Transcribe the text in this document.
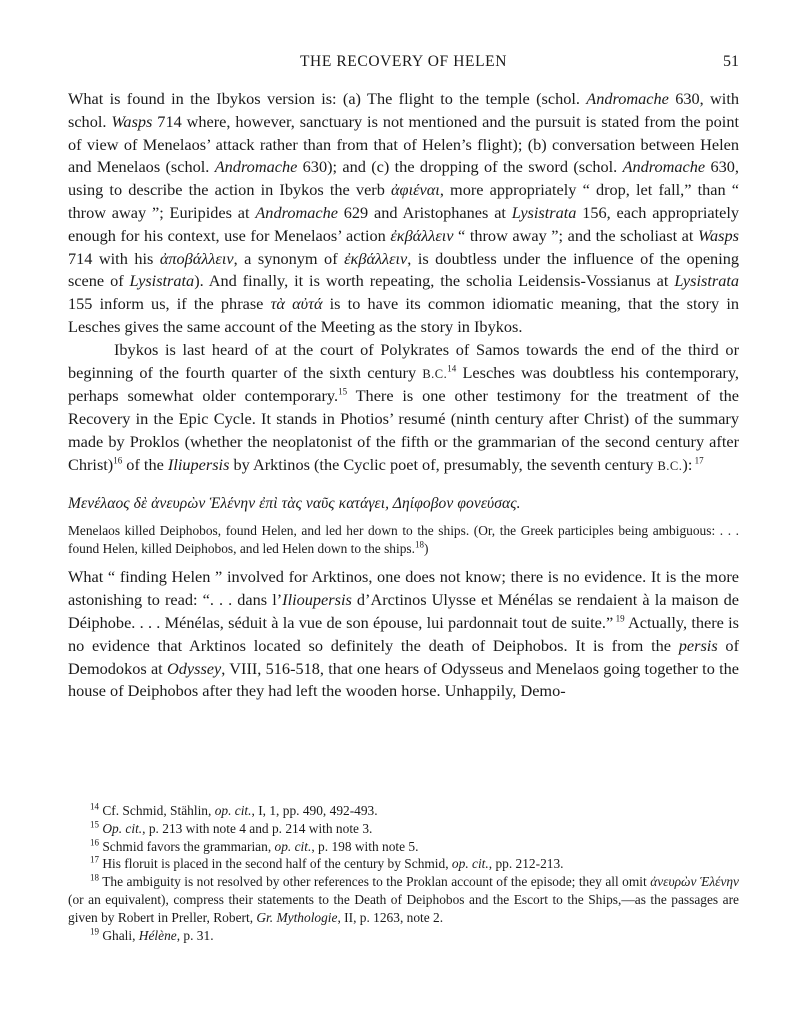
THE RECOVERY OF HELEN	51

What is found in the Ibykos version is: (a) The flight to the temple (schol. Andromache 630, with schol. Wasps 714 where, however, sanctuary is not mentioned and the pursuit is stated from the point of view of Menelaos’ attack rather than from that of Helen’s flight); (b) conversation between Helen and Menelaos (schol. Andromache 630); and (c) the dropping of the sword (schol. Andromache 630, using to describe the action in Ibykos the verb ἀφιέναι, more appropriately “ drop, let fall,” than “ throw away ”; Euripides at Andromache 629 and Aristophanes at Lysistrata 156, each appropriately enough for his context, use for Menelaos’ action ἐκβάλλειν “ throw away ”; and the scholiast at Wasps 714 with his ἀποβάλλειν, a synonym of ἐκβάλλειν, is doubtless under the influence of the opening scene of Lysistrata). And finally, it is worth repeating, the scholia Leidensis-Vossianus at Lysistrata 155 inform us, if the phrase τὰ αὐτά is to have its common idiomatic meaning, that the story in Lesches gives the same account of the Meeting as the story in Ibykos.

Ibykos is last heard of at the court of Polykrates of Samos towards the end of the third or beginning of the fourth quarter of the sixth century B.C.$^{14}$ Lesches was doubtless his contemporary, perhaps somewhat older contemporary.$^{15}$ There is one other testimony for the treatment of the Recovery in the Epic Cycle. It stands in Photios’ resumé (ninth century after Christ) of the summary made by Proklos (whether the neoplatonist of the fifth or the grammarian of the second century after Christ)$^{16}$ of the Iliupersis by Arktinos (the Cyclic poet of, presumably, the seventh century B.C.): $^{17}$

Μενέλαος δὲ ἀνευρὼν Ἑλένην ἐπὶ τὰς ναῦς κατάγει, Δηίφοβον φονεύσας.

Menelaos killed Deiphobos, found Helen, and led her down to the ships. (Or, the Greek participles being ambiguous: . . . found Helen, killed Deiphobos, and led Helen down to the ships.$^{18}$)

What “ finding Helen ” involved for Arktinos, one does not know; there is no evidence. It is the more astonishing to read: “. . . dans l’Ilioupersis d’Arctinos Ulysse et Ménélas se rendaient à la maison de Déiphobe. . . . Ménélas, séduit à la vue de son épouse, lui pardonnait tout de suite.” $^{19}$ Actually, there is no evidence that Arktinos located so definitely the death of Deiphobos. It is from the persis of Demodokos at Odyssey, VIII, 516-518, that one hears of Odysseus and Menelaos going together to the house of Deiphobos after they had left the wooden horse. Unhappily, Demo-

$^{14}$ Cf. Schmid, Stählin, op. cit., I, 1, pp. 490, 492-493.

$^{15}$ Op. cit., p. 213 with note 4 and p. 214 with note 3.

$^{16}$ Schmid favors the grammarian, op. cit., p. 198 with note 5.

$^{17}$ His floruit is placed in the second half of the century by Schmid, op. cit., pp. 212-213.

$^{18}$ The ambiguity is not resolved by other references to the Proklan account of the episode; they all omit ἀνευρὼν Ἑλένην (or an equivalent), compress their statements to the Death of Deiphobos and the Escort to the Ships,—as the passages are given by Robert in Preller, Robert, Gr. Mythologie, II, p. 1263, note 2.

$^{19}$ Ghali, Hélène, p. 31.
